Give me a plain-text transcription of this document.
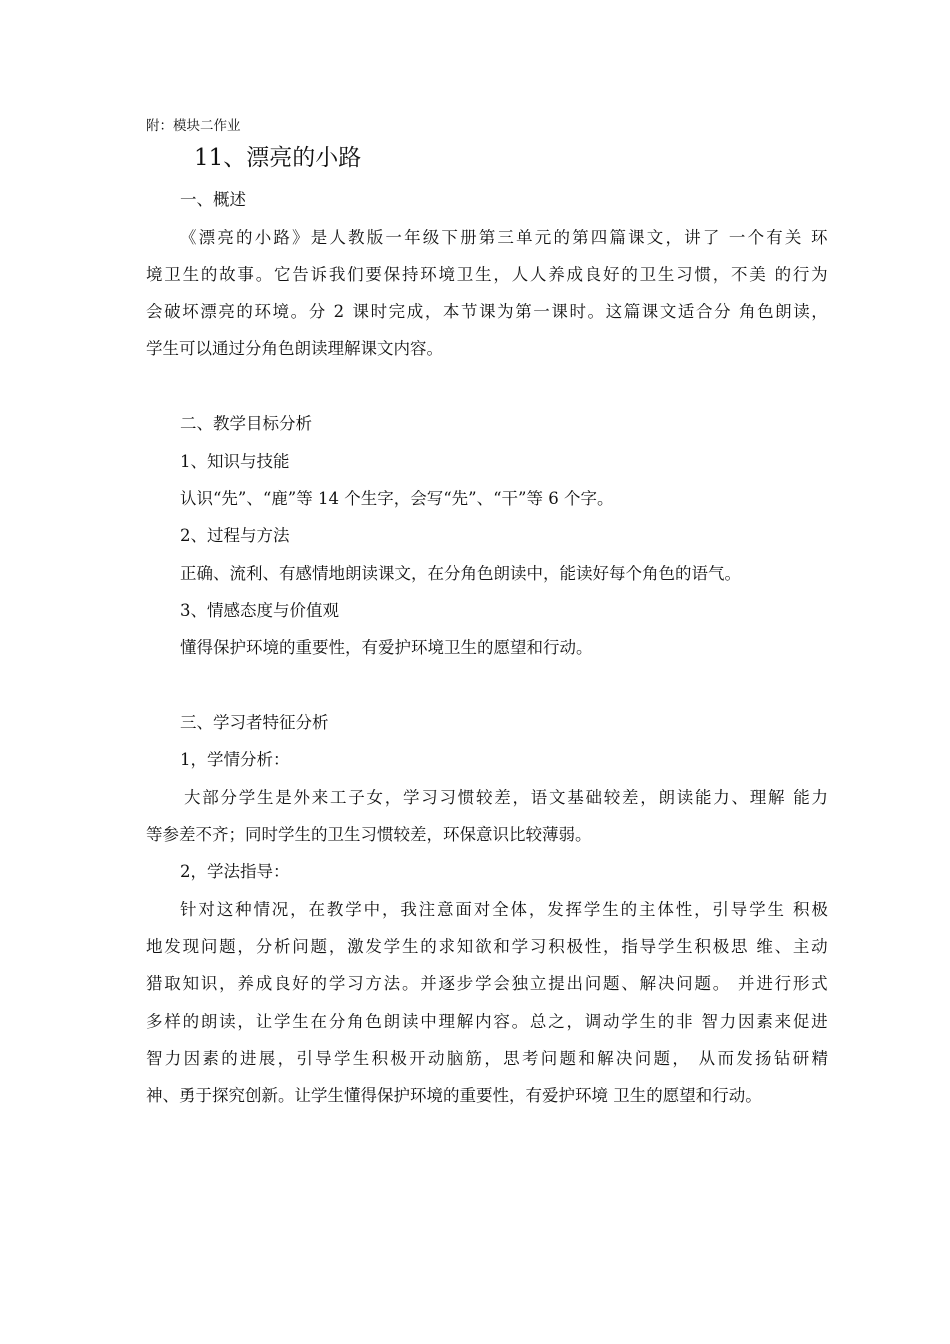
附：模块二作业
11、漂亮的小路
一、概述
《 漂 亮 的 小 路 》 是 人 教 版 一 年 级 下 册 第 三 单 元 的 第 四 篇 课 文 ， 讲 了
一 个 有 关
环
境 卫 生 的 故 事 。 它 告 诉 我 们 要 保 持 环 境 卫 生 ， 人 人 养 成 良 好 的 卫 生 习 惯 ， 不 美
的 行 为
会 破 坏 漂 亮 的 环 境 。 分
2
课 时 完 成 ， 本 节 课 为 第 一 课 时 。 这 篇 课 文 适 合 分
角 色 朗 读 ，
学生可以通过分角色朗读理解课文内容。
二、教学目标分析
1、知识与技能
认识“先”、“鹿”等 14 个生字，会写“先”、“干”等 6 个字。
2、过程与方法
正确、流利、有感情地朗读课文，在分角色朗读中，能读好每个角色的语气。
3、情感态度与价值观
懂得保护环境的重要性，有爱护环境卫生的愿望和行动。
三、学习者特征分析
1，学情分析：
大 部 分 学 生 是 外 来 工 子 女 ， 学 习 习 惯 较 差 ， 语 文 基 础 较 差 ， 朗 读 能 力 、 理 解
能 力
等参差不齐；同时学生的卫生习惯较差，环保意识比较薄弱。
2，学法指导：
针 对 这 种 情 况 ， 在 教 学 中 ， 我 注 意 面 对 全 体 ， 发 挥 学 生 的 主 体 性 ， 引 导 学 生
积 极
地 发 现 问 题 ， 分 析 问 题 ， 激 发 学 生 的 求 知 欲 和 学 习 积 极 性 ， 指 导 学 生 积 极 思
维 、 主 动
猎 取 知 识 ， 养 成 良 好 的 学 习 方 法 。 并 逐 步 学 会 独 立 提 出 问 题 、 解 决 问 题 。
并 进 行 形 式
多 样 的 朗 读 ， 让 学 生 在 分 角 色 朗 读 中 理 解 内 容 。 总 之 ， 调 动 学 生 的 非
智 力 因 素 来 促 进
智 力 因 素 的 进 展 ， 引 导 学 生 积 极 开 动 脑 筋 ， 思 考 问 题 和 解 决 问 题 ，
从 而 发 扬 钻 研 精
神、勇于探究创新。让学生懂得保护环境的重要性，有爱护环境 卫生的愿望和行动。
